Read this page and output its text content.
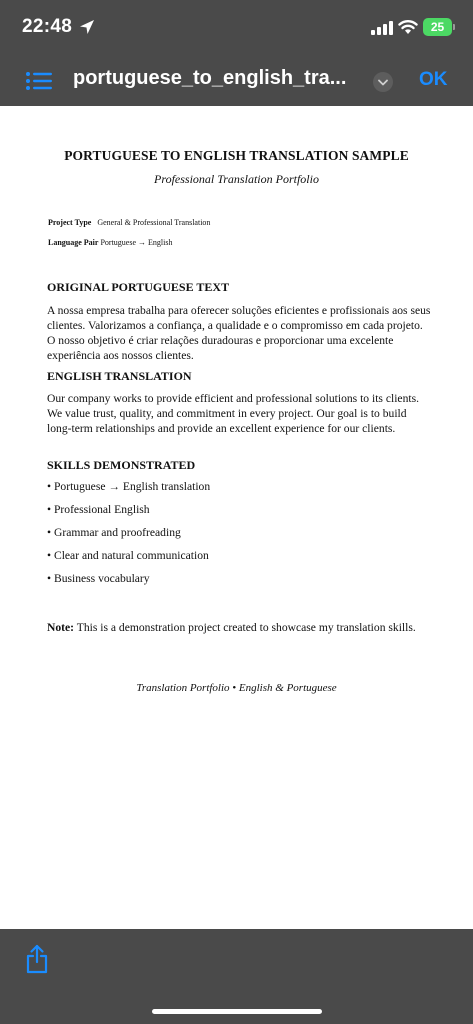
22:48	25
portuguese_to_english_tra...	OK
PORTUGUESE TO ENGLISH TRANSLATION SAMPLE
Professional Translation Portfolio
Project Type General & Professional Translation
Language Pair Portuguese → English
ORIGINAL PORTUGUESE TEXT
A nossa empresa trabalha para oferecer soluções eficientes e profissionais aos seus clientes. Valorizamos a confiança, a qualidade e o compromisso em cada projeto. O nosso objetivo é criar relações duradouras e proporcionar uma excelente experiência aos nossos clientes.
ENGLISH TRANSLATION
Our company works to provide efficient and professional solutions to its clients. We value trust, quality, and commitment in every project. Our goal is to build long-term relationships and provide an excellent experience for our clients.
SKILLS DEMONSTRATED
• Portuguese → English translation
• Professional English
• Grammar and proofreading
• Clear and natural communication
• Business vocabulary
Note: This is a demonstration project created to showcase my translation skills.
Translation Portfolio • English & Portuguese
